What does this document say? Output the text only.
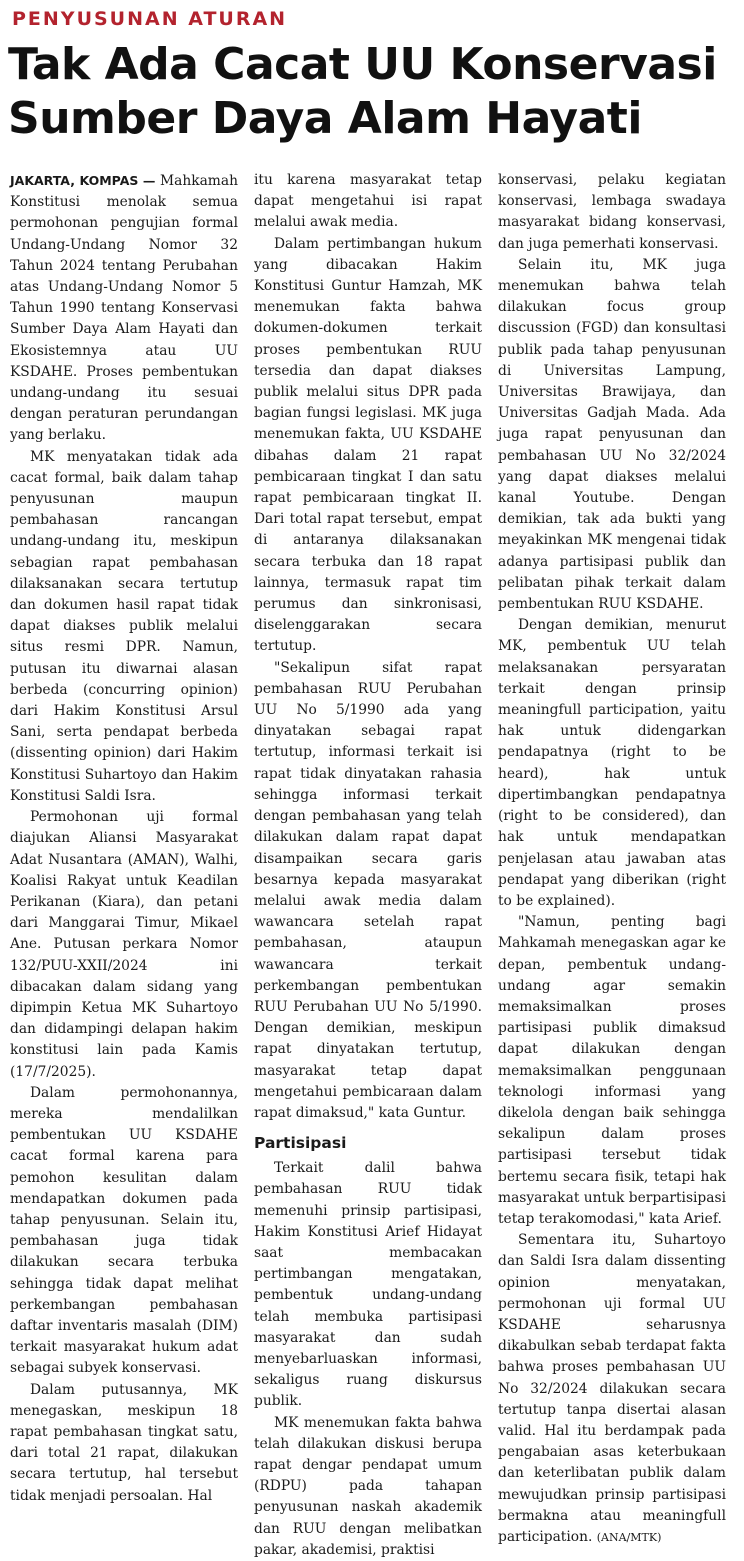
PENYUSUNAN ATURAN
Tak Ada Cacat UU Konservasi Sumber Daya Alam Hayati

JAKARTA, KOMPAS — Mahkamah Konstitusi menolak semua permohonan pengujian formal Undang-Undang Nomor 32 Tahun 2024 tentang Perubahan atas Undang-Undang Nomor 5 Tahun 1990 tentang Konservasi Sumber Daya Alam Hayati dan Ekosistemnya atau UU KSDAHE. Proses pembentukan undang-undang itu sesuai dengan peraturan perundangan yang berlaku.

MK menyatakan tidak ada cacat formal, baik dalam tahap penyusunan maupun pembahasan rancangan undang-undang itu, meskipun sebagian rapat pembahasan dilaksanakan secara tertutup dan dokumen hasil rapat tidak dapat diakses publik melalui situs resmi DPR. Namun, putusan itu diwarnai alasan berbeda (concurring opinion) dari Hakim Konstitusi Arsul Sani, serta pendapat berbeda (dissenting opinion) dari Hakim Konstitusi Suhartoyo dan Hakim Konstitusi Saldi Isra.

Permohonan uji formal diajukan Aliansi Masyarakat Adat Nusantara (AMAN), Walhi, Koalisi Rakyat untuk Keadilan Perikanan (Kiara), dan petani dari Manggarai Timur, Mikael Ane. Putusan perkara Nomor 132/PUU-XXII/2024 ini dibacakan dalam sidang yang dipimpin Ketua MK Suhartoyo dan didampingi delapan hakim konstitusi lain pada Kamis (17/7/2025).

Dalam permohonannya, mereka mendalilkan pembentukan UU KSDAHE cacat formal karena para pemohon kesulitan dalam mendapatkan dokumen pada tahap penyusunan. Selain itu, pembahasan juga tidak dilakukan secara terbuka sehingga tidak dapat melihat perkembangan pembahasan daftar inventaris masalah (DIM) terkait masyarakat hukum adat sebagai subyek konservasi.

Dalam putusannya, MK menegaskan, meskipun 18 rapat pembahasan tingkat satu, dari total 21 rapat, dilakukan secara tertutup, hal tersebut tidak menjadi persoalan. Hal

itu karena masyarakat tetap dapat mengetahui isi rapat melalui awak media.

Dalam pertimbangan hukum yang dibacakan Hakim Konstitusi Guntur Hamzah, MK menemukan fakta bahwa dokumen-dokumen terkait proses pembentukan RUU tersedia dan dapat diakses publik melalui situs DPR pada bagian fungsi legislasi. MK juga menemukan fakta, UU KSDAHE dibahas dalam 21 rapat pembicaraan tingkat I dan satu rapat pembicaraan tingkat II. Dari total rapat tersebut, empat di antaranya dilaksanakan secara terbuka dan 18 rapat lainnya, termasuk rapat tim perumus dan sinkronisasi, diselenggarakan secara tertutup.

"Sekalipun sifat rapat pembahasan RUU Perubahan UU No 5/1990 ada yang dinyatakan sebagai rapat tertutup, informasi terkait isi rapat tidak dinyatakan rahasia sehingga informasi terkait dengan pembahasan yang telah dilakukan dalam rapat dapat disampaikan secara garis besarnya kepada masyarakat melalui awak media dalam wawancara setelah rapat pembahasan, ataupun wawancara terkait perkembangan pembentukan RUU Perubahan UU No 5/1990. Dengan demikian, meskipun rapat dinyatakan tertutup, masyarakat tetap dapat mengetahui pembicaraan dalam rapat dimaksud," kata Guntur.

Partisipasi

Terkait dalil bahwa pembahasan RUU tidak memenuhi prinsip partisipasi, Hakim Konstitusi Arief Hidayat saat membacakan pertimbangan mengatakan, pembentuk undang-undang telah membuka partisipasi masyarakat dan sudah menyebarluaskan informasi, sekaligus ruang diskursus publik.

MK menemukan fakta bahwa telah dilakukan diskusi berupa rapat dengar pendapat umum (RDPU) pada tahapan penyusunan naskah akademik dan RUU dengan melibatkan pakar, akademisi, praktisi

konservasi, pelaku kegiatan konservasi, lembaga swadaya masyarakat bidang konservasi, dan juga pemerhati konservasi.

Selain itu, MK juga menemukan bahwa telah dilakukan focus group discussion (FGD) dan konsultasi publik pada tahap penyusunan di Universitas Lampung, Universitas Brawijaya, dan Universitas Gadjah Mada. Ada juga rapat penyusunan dan pembahasan UU No 32/2024 yang dapat diakses melalui kanal Youtube. Dengan demikian, tak ada bukti yang meyakinkan MK mengenai tidak adanya partisipasi publik dan pelibatan pihak terkait dalam pembentukan RUU KSDAHE.

Dengan demikian, menurut MK, pembentuk UU telah melaksanakan persyaratan terkait dengan prinsip meaningfull participation, yaitu hak untuk didengarkan pendapatnya (right to be heard), hak untuk dipertimbangkan pendapatnya (right to be considered), dan hak untuk mendapatkan penjelasan atau jawaban atas pendapat yang diberikan (right to be explained).

"Namun, penting bagi Mahkamah menegaskan agar ke depan, pembentuk undang-undang agar semakin memaksimalkan proses partisipasi publik dimaksud dapat dilakukan dengan memaksimalkan penggunaan teknologi informasi yang dikelola dengan baik sehingga sekalipun dalam proses partisipasi tersebut tidak bertemu secara fisik, tetapi hak masyarakat untuk berpartisipasi tetap terakomodasi," kata Arief.

Sementara itu, Suhartoyo dan Saldi Isra dalam dissenting opinion menyatakan, permohonan uji formal UU KSDAHE seharusnya dikabulkan sebab terdapat fakta bahwa proses pembahasan UU No 32/2024 dilakukan secara tertutup tanpa disertai alasan valid. Hal itu berdampak pada pengabaian asas keterbukaan dan keterlibatan publik dalam mewujudkan prinsip partisipasi bermakna atau meaningfull participation. (ANA/MTK)
